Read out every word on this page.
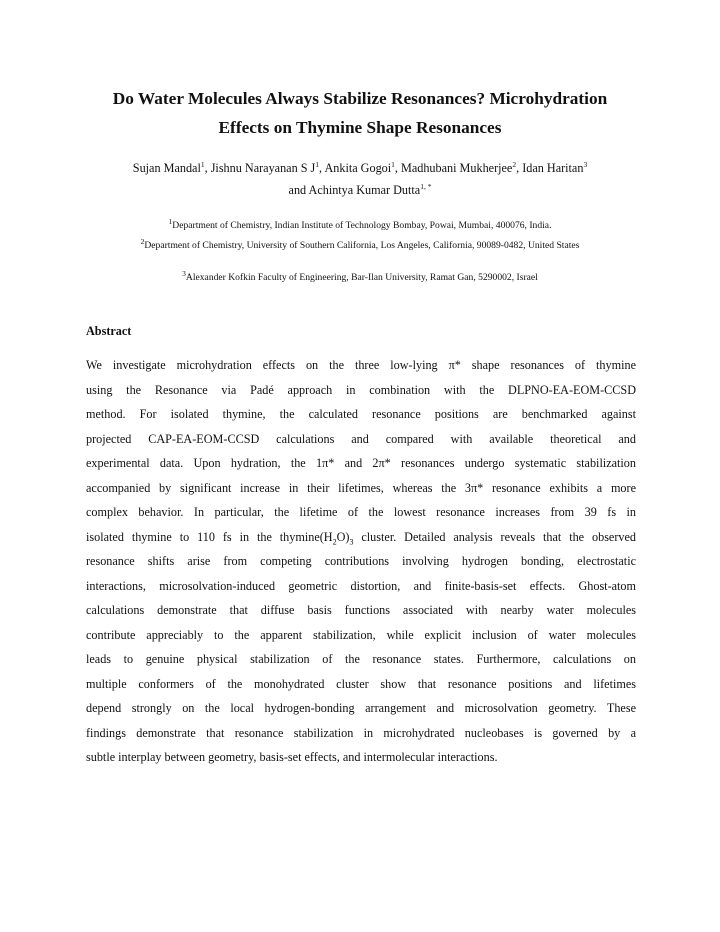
Do Water Molecules Always Stabilize Resonances? Microhydration
Effects on Thymine Shape Resonances
Sujan Mandal$^1$, Jishnu Narayanan S $J^1$, Ankita Gogoi$^1$, Madhubani Mukherjee$^2$, Idan Haritan$^3$
and Achintya Kumar Dutta$^{1, *}$

$^1$Department of Chemistry, Indian Institute of Technology Bombay, Powai, Mumbai, 400076, India.

$^2$Department of Chemistry, University of Southern California, Los Angeles, California, 90089-0482, United States

$^3$Alexander Kofkin Faculty of Engineering, Bar-Ilan University, Ramat Gan, 5290002, Israel

Abstract
We investigate microhydration effects on the three low-lying π* shape resonances of thymine
using the Resonance via Padé approach in combination with the DLPNO-EA-EOM-CCSD
method. For isolated thymine, the calculated resonance positions are benchmarked against
projected CAP-EA-EOM-CCSD calculations and compared with available theoretical and
experimental data. Upon hydration, the 1π* and 2π* resonances undergo systematic stabilization
accompanied by significant increase in their lifetimes, whereas the 3π* resonance exhibits a more
complex behavior. In particular, the lifetime of the lowest resonance increases from 39 fs in
isolated thymine to 110 fs in the $thymine(H_2O)_3$ cluster. Detailed analysis reveals that the observed
resonance shifts arise from competing contributions involving hydrogen bonding, electrostatic
interactions, microsolvation-induced geometric distortion, and finite-basis-set effects. Ghost-atom
calculations demonstrate that diffuse basis functions associated with nearby water molecules
contribute appreciably to the apparent stabilization, while explicit inclusion of water molecules
leads to genuine physical stabilization of the resonance states. Furthermore, calculations on
multiple conformers of the monohydrated cluster show that resonance positions and lifetimes
depend strongly on the local hydrogen-bonding arrangement and microsolvation geometry. These
findings demonstrate that resonance stabilization in microhydrated nucleobases is governed by a
subtle interplay between geometry, basis-set effects, and intermolecular interactions.
